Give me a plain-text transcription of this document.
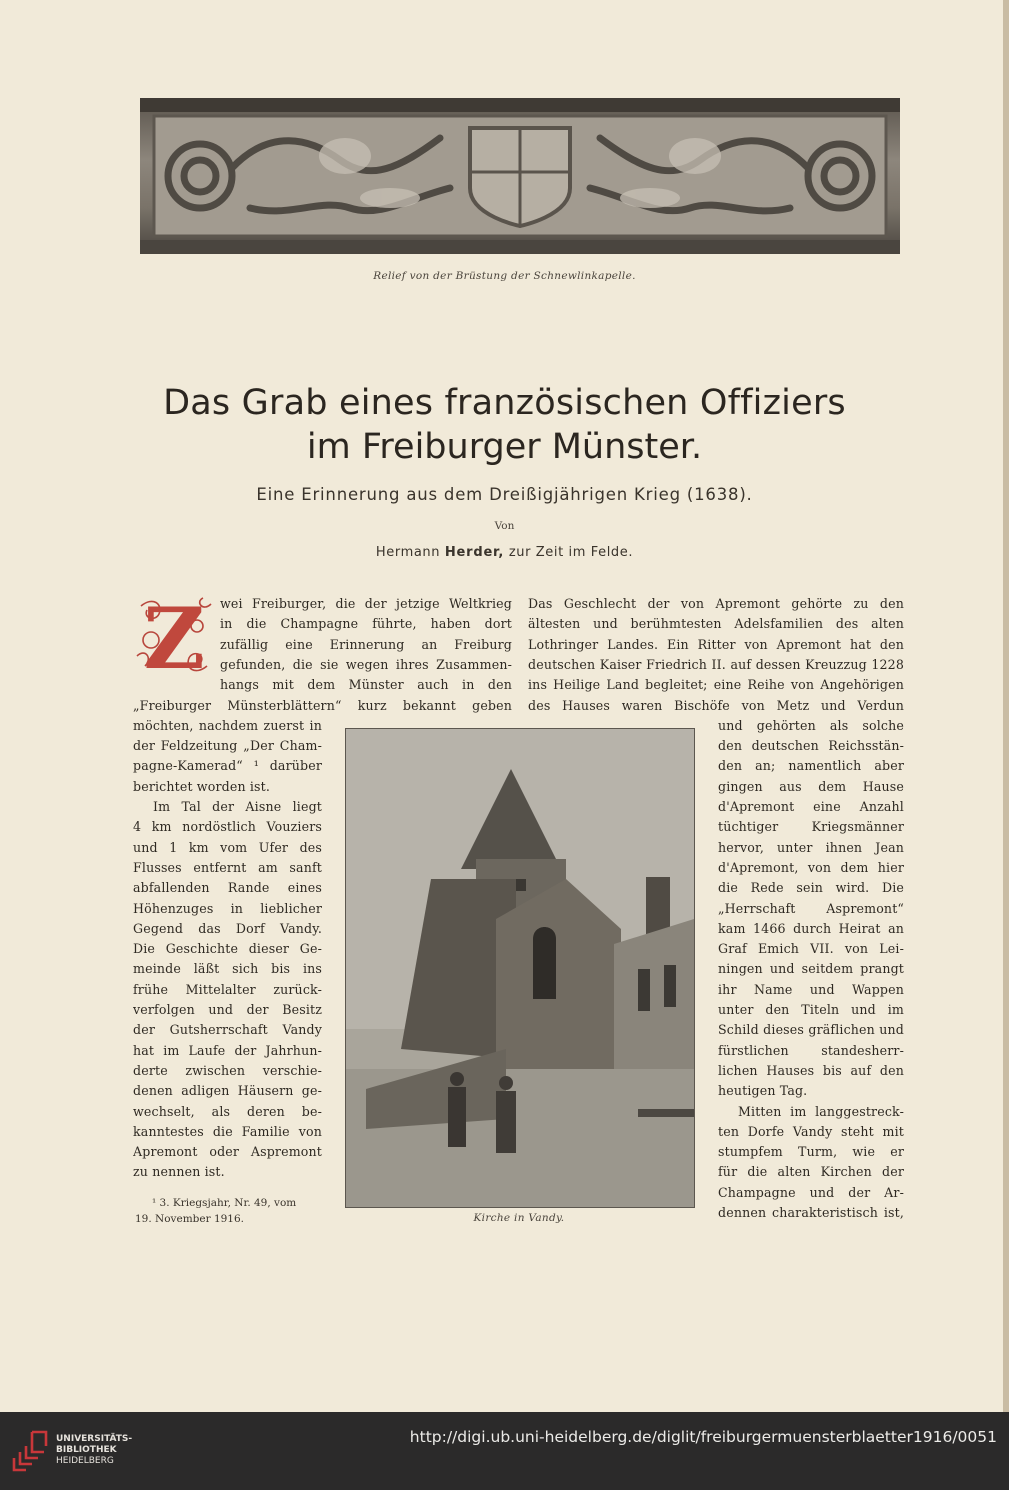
Relief von der Brüstung der Schnewlinkapelle.
Das Grab eines französischen Offiziers
im Freiburger Münster.
Eine Erinnerung aus dem Dreißigjährigen Krieg (1638).
Von
Hermann Herder, zur Zeit im Felde.
Z wei Freiburger, die der jetzige Weltkrieg
in die Champagne führte, haben dort
zufällig eine Erinnerung an Freiburg
gefunden, die sie wegen ihres Zusammen-
hangs mit dem Münster auch in den
„Freiburger Münsterblättern“ kurz bekannt geben
möchten, nachdem zuerst in
der Feldzeitung „Der Cham-
pagne-Kamerad“ ¹ darüber
berichtet worden ist.
Im Tal der Aisne liegt
4 km nordöstlich Vouziers
und 1 km vom Ufer des
Flusses entfernt am sanft
abfallenden Rande eines
Höhenzuges in lieblicher
Gegend das Dorf Vandy.
Die Geschichte dieser Ge-
meinde läßt sich bis ins
frühe Mittelalter zurück-
verfolgen und der Besitz
der Gutsherrschaft Vandy
hat im Laufe der Jahrhun-
derte zwischen verschie-
denen adligen Häusern ge-
wechselt, als deren be-
kanntestes die Familie von
Apremont oder Aspremont
zu nennen ist.
Das Geschlecht der von Apremont gehörte zu den
ältesten und berühmtesten Adelsfamilien des alten
Lothringer Landes. Ein Ritter von Apremont hat den
deutschen Kaiser Friedrich II. auf dessen Kreuzzug 1228
ins Heilige Land begleitet; eine Reihe von Angehörigen
des Hauses waren Bischöfe von Metz und Verdun
und gehörten als solche
den deutschen Reichsstän-
den an; namentlich aber
gingen aus dem Hause
d'Apremont eine Anzahl
tüchtiger Kriegsmänner
hervor, unter ihnen Jean
d'Apremont, von dem hier
die Rede sein wird. Die
„Herrschaft Aspremont“
kam 1466 durch Heirat an
Graf Emich VII. von Lei-
ningen und seitdem prangt
ihr Name und Wappen
unter den Titeln und im
Schild dieses gräflichen und
fürstlichen standesherr-
lichen Hauses bis auf den
heutigen Tag.
Mitten im langgestreck-
ten Dorfe Vandy steht mit
stumpfem Turm, wie er
für die alten Kirchen der
Champagne und der Ar-
dennen charakteristisch ist,
¹ 3. Kriegsjahr, Nr. 49, vom
19. November 1916.	Kirche in Vandy.
UNIVERSITÄTS-
BIBLIOTHEK
HEIDELBERG
http://digi.ub.uni-heidelberg.de/diglit/freiburgermuensterblaetter1916/0051
